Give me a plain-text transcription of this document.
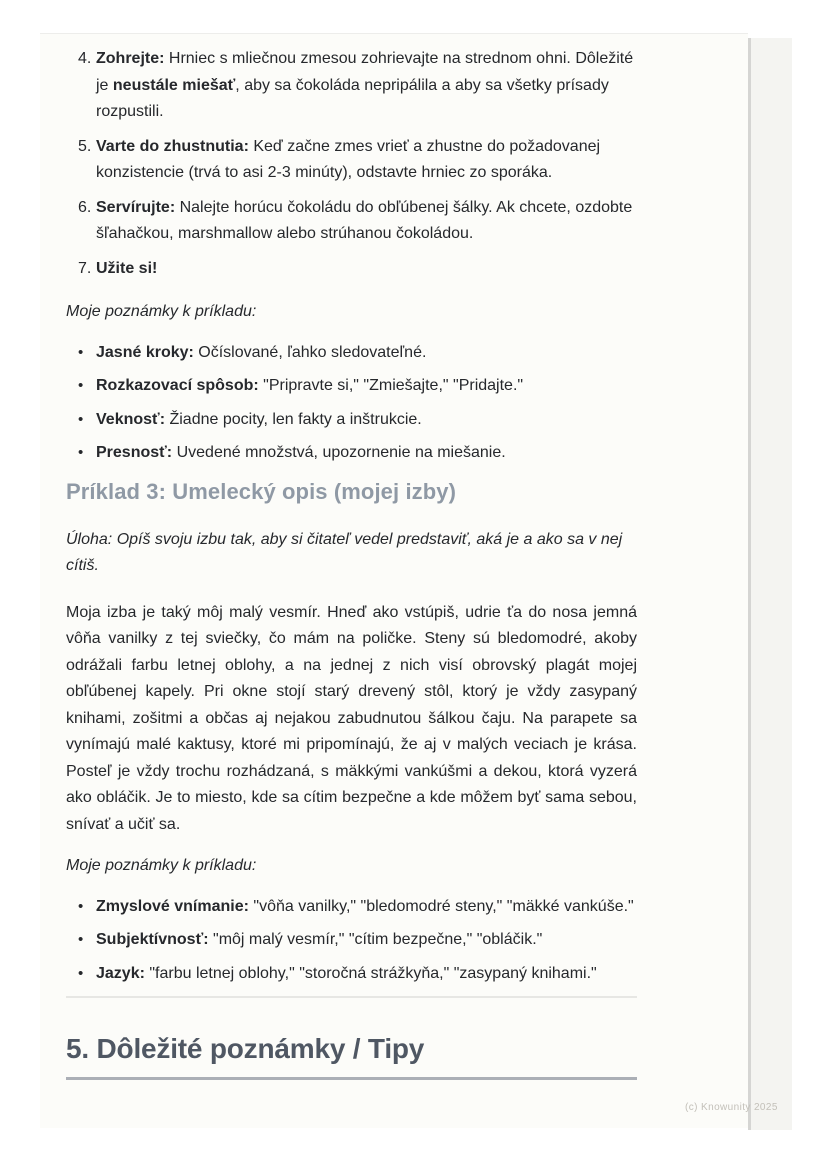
4. Zohrejte: Hrniec s mliečnou zmesou zohrievajte na strednom ohni. Dôležité je neustále miešať, aby sa čokoláda nepripálila a aby sa všetky prísady rozpustili.
5. Varte do zhustnutia: Keď začne zmes vrieť a zhustne do požadovanej konzistencie (trvá to asi 2-3 minúty), odstavte hrniec zo sporáka.
6. Servírujte: Nalejte horúcu čokoládu do obľúbenej šálky. Ak chcete, ozdobte šľahačkou, marshmallow alebo strúhanou čokoládou.
7. Užite si!
Moje poznámky k príkladu:
• Jasné kroky: Očíslované, ľahko sledovateľné.
• Rozkazovací spôsob: "Pripravte si," "Zmiešajte," "Pridajte."
• Veknosť: Žiadne pocity, len fakty a inštrukcie.
• Presnosť: Uvedené množstvá, upozornenie na miešanie.
Príklad 3: Umelecký opis (mojej izby)
Úloha: Opíš svoju izbu tak, aby si čitateľ vedel predstaviť, aká je a ako sa v nej cítiš.
Moja izba je taký môj malý vesmír. Hneď ako vstúpiš, udrie ťa do nosa jemná vôňa vanilky z tej sviečky, čo mám na poličke. Steny sú bledomodré, akoby odrážali farbu letnej oblohy, a na jednej z nich visí obrovský plagát mojej obľúbenej kapely. Pri okne stojí starý drevený stôl, ktorý je vždy zasypaný knihami, zošitmi a občas aj nejakou zabudnutou šálkou čaju. Na parapete sa vynímajú malé kaktusy, ktoré mi pripomínajú, že aj v malých veciach je krása. Posteľ je vždy trochu rozhádzaná, s mäkkými vankúšmi a dekou, ktorá vyzerá ako obláčik. Je to miesto, kde sa cítim bezpečne a kde môžem byť sama sebou, snívať a učiť sa.
Moje poznámky k príkladu:
• Zmyslové vnímanie: "vôňa vanilky," "bledomodré steny," "mäkké vankúše."
• Subjektívnosť: "môj malý vesmír," "cítim bezpečne," "obláčik."
• Jazyk: "farbu letnej oblohy," "storočná strážkyňa," "zasypaný knihami."
5. Dôležité poznámky / Tipy
(c) Knowunity 2025
